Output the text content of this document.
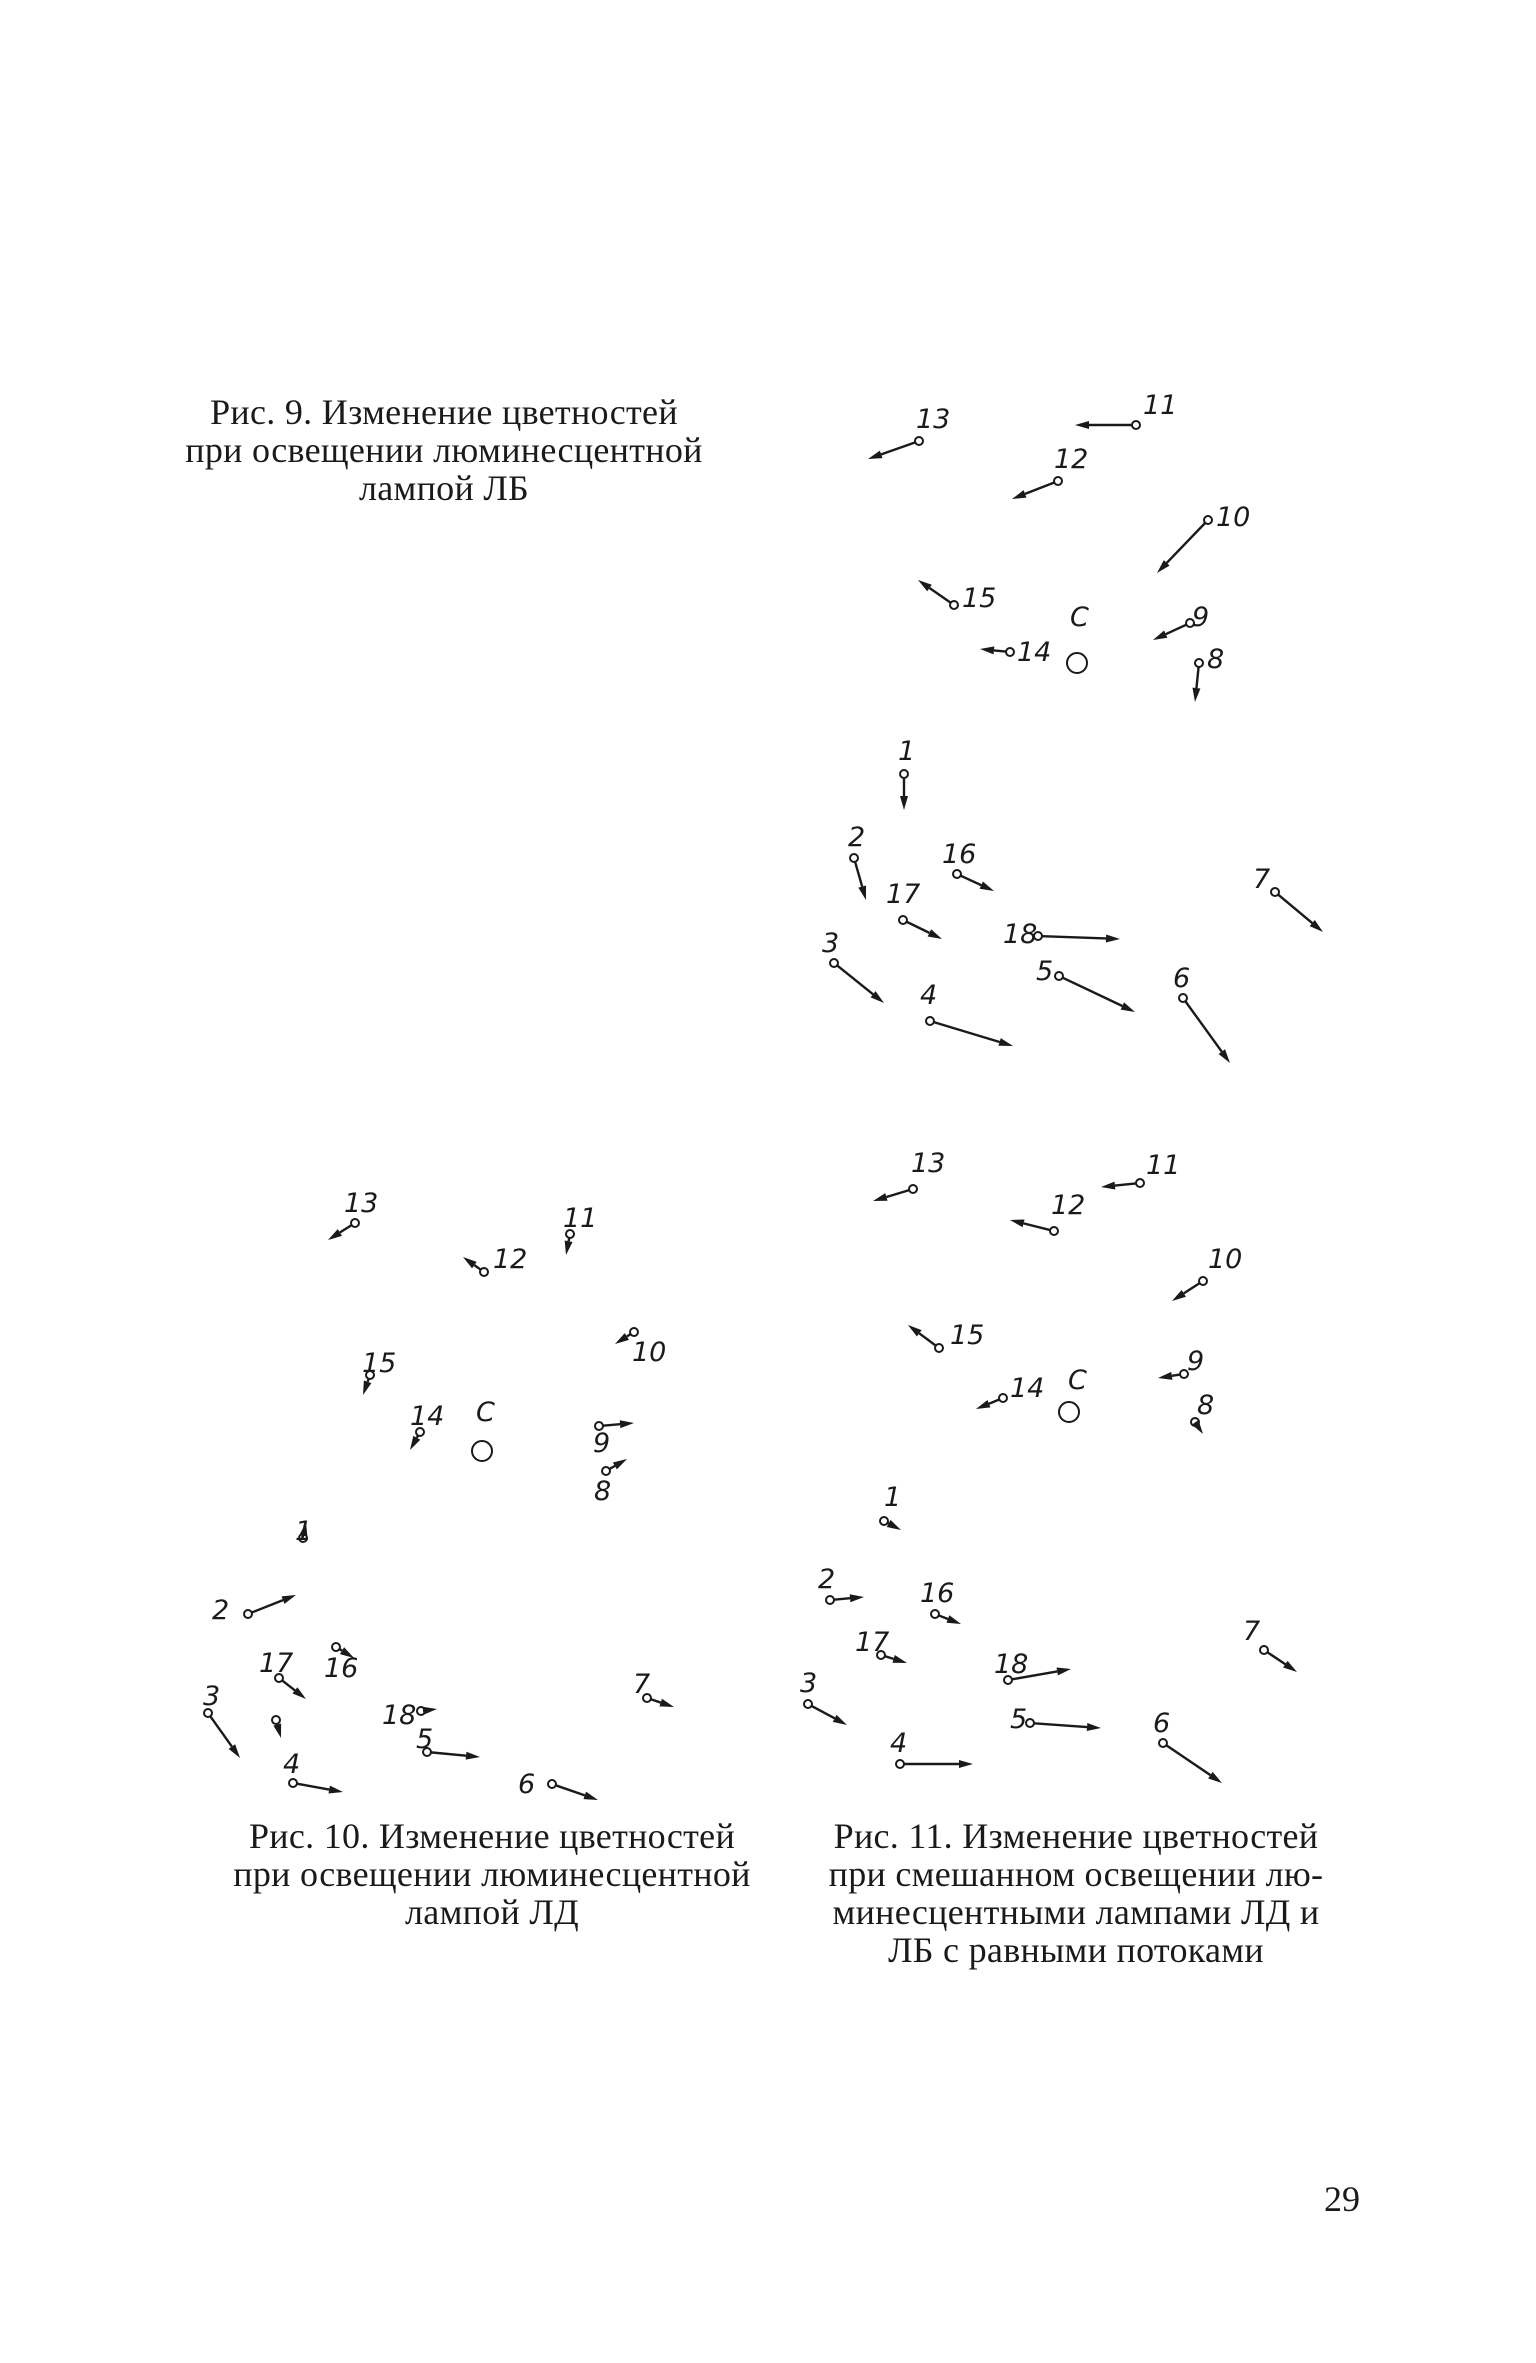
Рис. 9. Изменение цветностей
при освещении люминесцентной
лампой ЛБ

Рис. 10. Изменение цветностей
при освещении люминесцентной
лампой ЛД

Рис. 11. Изменение цветностей
при смешанном освещении лю-
минесцентными лампами ЛД и
ЛБ с равными потоками

C
1
2
3
4
5	6
7
8
9
10
11
12
13
14
15
16
17
18
C
1
2
3
4
5
6
7
8
9
10
11
12
13
14
15
16
17
18
C
1
2
3
4
5	6
7
8
9
10
11
12
13
14
15
16
17
18
29
